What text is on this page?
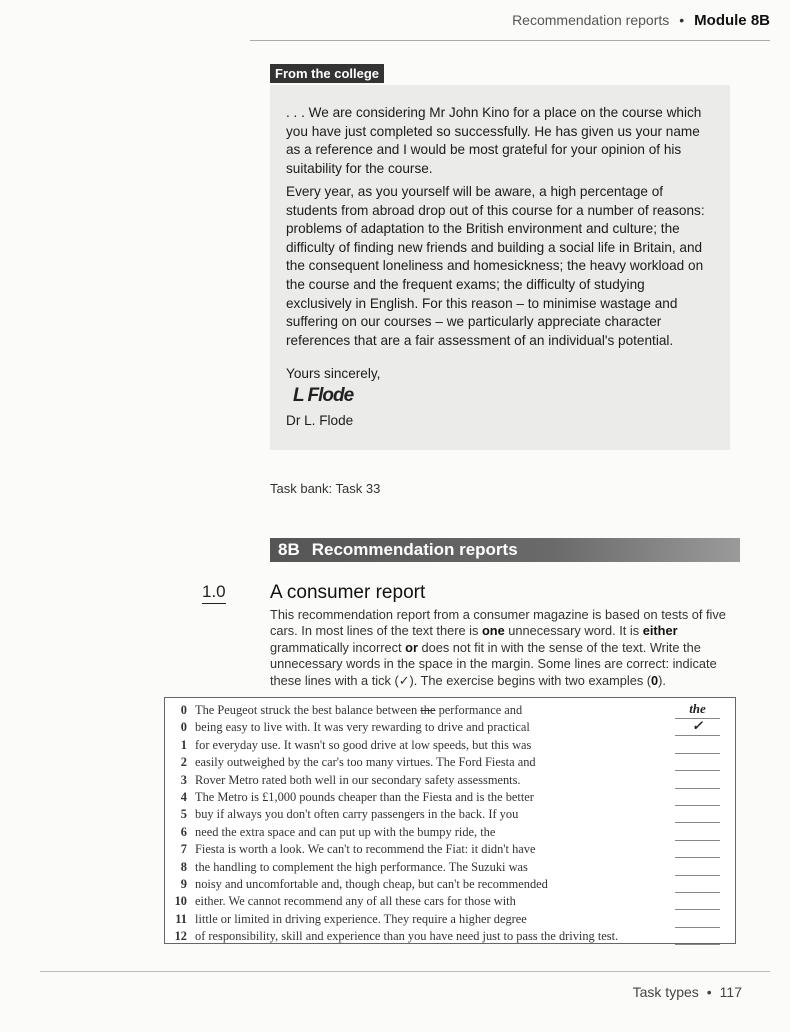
Recommendation reports • Module 8B
From the college

. . . We are considering Mr John Kino for a place on the course which you have just completed so successfully. He has given us your name as a reference and I would be most grateful for your opinion of his suitability for the course.

Every year, as you yourself will be aware, a high percentage of students from abroad drop out of this course for a number of reasons: problems of adaptation to the British environment and culture; the difficulty of finding new friends and building a social life in Britain, and the consequent loneliness and homesickness; the heavy workload on the course and the frequent exams; the difficulty of studying exclusively in English. For this reason – to minimise wastage and suffering on our courses – we particularly appreciate character references that are a fair assessment of an individual's potential.

Yours sincerely,

L Flode

Dr L. Flode

Task bank: Task 33
8B Recommendation reports
1.0 A consumer report

This recommendation report from a consumer magazine is based on tests of five cars. In most lines of the text there is one unnecessary word. It is either grammatically incorrect or does not fit in with the sense of the text. Write the unnecessary words in the space in the margin. Some lines are correct: indicate these lines with a tick (✓). The exercise begins with two examples (0).

0 The Peugeot struck the best balance between the performance and	the
0 being easy to live with. It was very rewarding to drive and practical	✓
1 for everyday use. It wasn't so good drive at low speeds, but this was
2 easily outweighed by the car's too many virtues. The Ford Fiesta and
3 Rover Metro rated both well in our secondary safety assessments.
4 The Metro is £1,000 pounds cheaper than the Fiesta and is the better
5 buy if always you don't often carry passengers in the back. If you
6 need the extra space and can put up with the bumpy ride, the
7 Fiesta is worth a look. We can't to recommend the Fiat: it didn't have
8 the handling to complement the high performance. The Suzuki was
9 noisy and uncomfortable and, though cheap, but can't be recommended
10 either. We cannot recommend any of all these cars for those with
11 little or limited in driving experience. They require a higher degree
12 of responsibility, skill and experience than you have need just to pass the driving test.
Task types • 117
